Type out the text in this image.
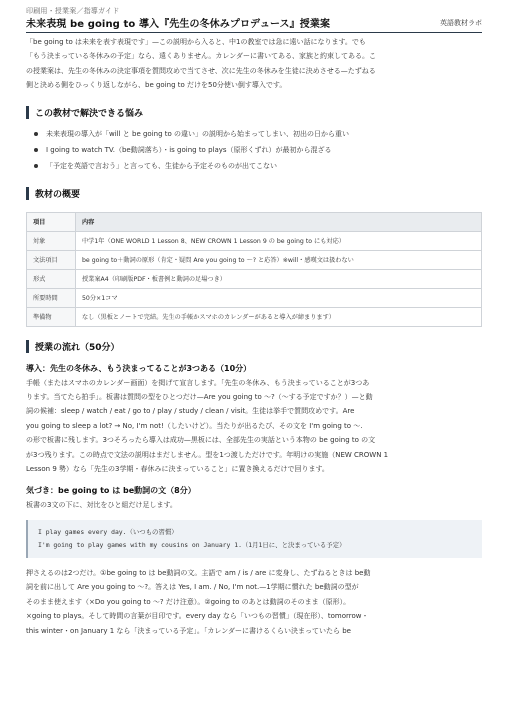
印刷用・授業案／指導ガイド
未来表現 be going to 導入『先生の冬休みプロデュース』授業案	英語教材ラボ

「be going to は未来を表す表現です」—この説明から入ると、中1の教室では急に遠い話になります。でも

「もう決まっている冬休みの予定」なら、遠くありません。カレンダーに書いてある、家族と約束してある。こ

の授業案は、先生の冬休みの決定事項を質問攻めで当てさせ、次に先生の冬休みを生徒に決めさせる—たずねる

側と決める側をひっくり返しながら、be going to だけを50分使い倒す導入です。

この教材で解決できる悩み
未来表現の導入が「will と be going to の違い」の説明から始まってしまい、初出の日から重い
I going to watch TV.（be動詞落ち）・is going to plays（原形くずれ）が最初から混ざる
「予定を英語で言おう」と言っても、生徒から予定そのものが出てこない
教材の概要
項目	内容
対象	中学1年（ONE WORLD 1 Lesson 8、NEW CROWN 1 Lesson 9 の be going to にも対応）
文法項目	be going to＋動詞の原形（肯定・疑問 Are you going to ～? と応答）※will・感嘆文は扱わない
形式	授業案A4（印刷版PDF・板書例と動詞の足場つき）
所要時間	50分×1コマ
準備物	なし（黒板とノートで完結。先生の手帳かスマホのカレンダーがあると導入が締まります）
授業の流れ（50分）
導入：先生の冬休み、もう決まってることが3つある（10分）

手帳（またはスマホのカレンダー画面）を掲げて宣言します。「先生の冬休み、もう決まっていることが3つあ

ります。当てたら拍手」。板書は質問の型をひとつだけ—Are you going to ～?（～する予定ですか？）—と動

詞の候補：sleep / watch / eat / go to / play / study / clean / visit。生徒は挙手で質問攻めです。Are

you going to sleep a lot? → No, I'm not!（したいけど）。当たりが出るたび、その文を I'm going to ～.

の形で板書に残します。3つそろったら導入は成功—黒板には、全部先生の実話という本物の be going to の文

が3つ残ります。この時点で文法の説明はまだしません。型を1つ渡しただけです。年明けの実施（NEW CROWN 1

Lesson 9 勢）なら「先生の3学期・春休みに決まっていること」に置き換えるだけで回ります。

気づき：be going to は be動詞の文（8分）

板書の3文の下に、対比をひと組だけ足します。

I play games every day.（いつもの習慣）

I'm going to play games with my cousins on January 1.（1月1日に、と決まっている予定）

押さえるのは2つだけ。①be going to は be動詞の文。主語で am / is / are に変身し、たずねるときは be動

詞を前に出して Are you going to ～?。答えは Yes, I am. / No, I'm not.—1学期に慣れた be動詞の型が

そのまま使えます（×Do you going to ～? だけ注意）。②going to のあとは動詞のそのまま（原形）。

×going to plays。そして時間の言葉が目印です。every day なら「いつもの習慣」（現在形）、tomorrow・

this winter・on January 1 なら「決まっている予定」。「カレンダーに書けるくらい決まっていたら be
